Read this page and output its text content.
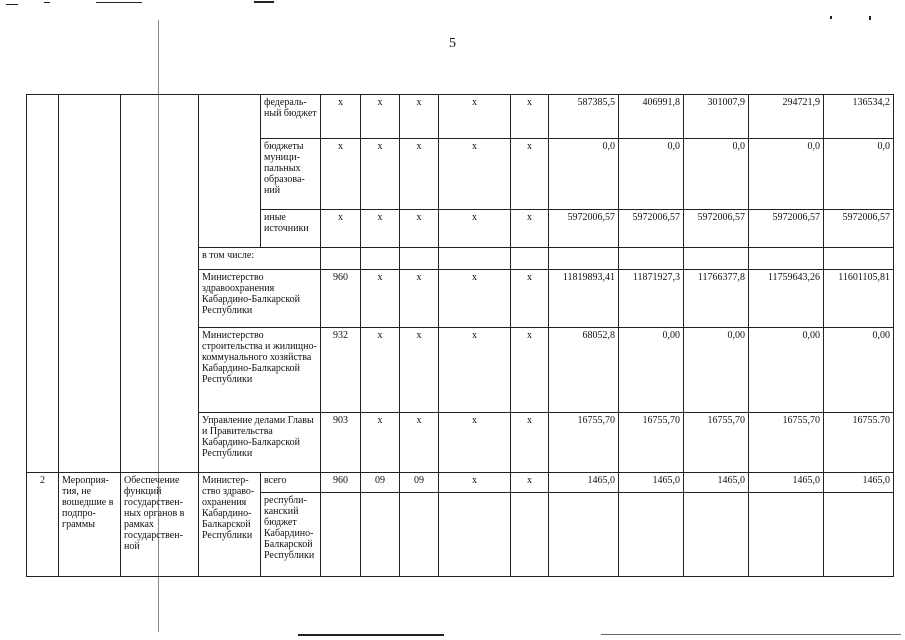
5
				федераль-ный бюджет	x	x	x	x	x	587385,5	406991,8	301007,9	294721,9	136534,2
				бюджеты муници-пальных образова-ний	x	x	x	x	x	0,0	0,0	0,0	0,0	0,0
				иные источники	x	x	x	x	x	5972006,57	5972006,57	5972006,57	5972006,57	5972006,57
			в том числе:											
			Министерство здравоохранения Кабардино-Балкарской Республики		960	x	x	x	x	11819893,41	11871927,3	11766377,8	11759643,26	11601105,81
			Министерство строительства и жилищно-коммунального хозяйства Кабардино-Балкарской Республики		932	x	x	x	x	68052,8	0,00	0,00	0,00	0,00
			Управление делами Главы и Правительства Кабардино-Балкарской Республики		903	x	x	x	x	16755,70	16755,70	16755,70	16755,70	16755.70
2	Мероприя-тия, не вошедшие в подпро-граммы	Обеспечение функций государствен-ных органов в рамках государствен-ной	Министер-ство здраво-охранения Кабардино-Балкарской Республики	всего	960	09	09	x	x	1465,0	1465,0	1465,0	1465,0	1465,0
				республи-канский бюджет Кабардино-Балкарской Республики										
